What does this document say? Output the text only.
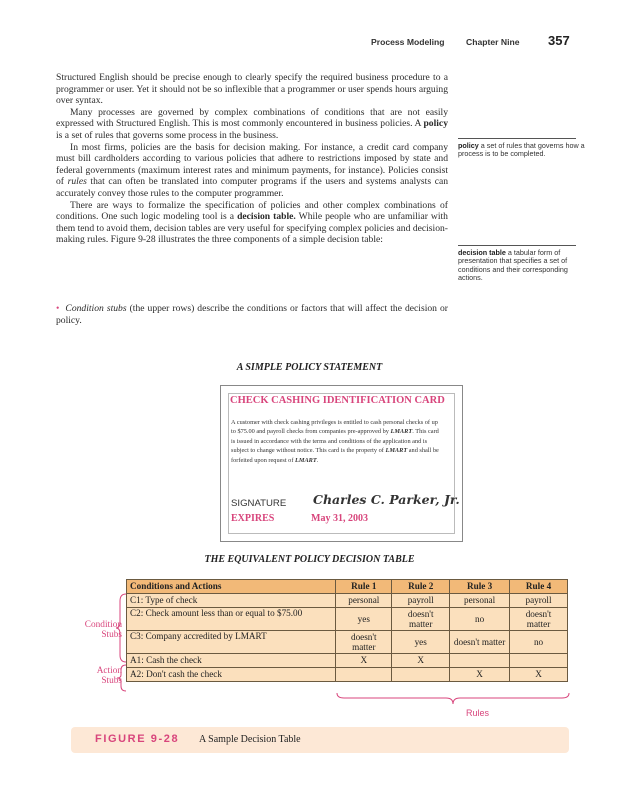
Process Modeling Chapter Nine 357

Structured English should be precise enough to clearly specify the required business procedure to a programmer or user. Yet it should not be so inflexible that a programmer or user spends hours arguing over syntax.

Many processes are governed by complex combinations of conditions that are not easily expressed with Structured English. This is most commonly encountered in business policies. A policy is a set of rules that governs some process in the business.

In most firms, policies are the basis for decision making. For instance, a credit card company must bill cardholders according to various policies that adhere to restrictions imposed by state and federal governments (maximum interest rates and minimum payments, for instance). Policies consist of rules that can often be translated into computer programs if the users and systems analysts can accurately convey those rules to the computer programmer.

There are ways to formalize the specification of policies and other complex combinations of conditions. One such logic modeling tool is a decision table. While people who are unfamiliar with them tend to avoid them, decision tables are very useful for specifying complex policies and decision-making rules. Figure 9-28 illustrates the three components of a simple decision table:

•  Condition stubs (the upper rows) describe the conditions or factors that will affect the decision or policy.
policy a set of rules that governs how a process is to be completed.
decision table a tabular form of presentation that specifies a set of conditions and their corresponding actions.
A SIMPLE POLICY STATEMENT
CHECK CASHING IDENTIFICATION CARD
A customer with check cashing privileges is entitled to cash personal checks of up to $75.00 and payroll checks from companies pre-approved by LMART. This card is issued in accordance with the terms and conditions of the application and is subject to change without notice. This card is the property of LMART and shall be forfeited upon request of LMART.
SIGNATURE Charles C. Parker, Jr.
EXPIRES	May 31, 2003
THE EQUIVALENT POLICY DECISION TABLE
Conditions and Actions	Rule 1	Rule 2	Rule 3	Rule 4
C1: Type of check	personal	payroll	personal	payroll
C2: Check amount less than or equal to $75.00	yes	doesn't matter	no	doesn't matter
C3: Company accredited by LMART	doesn't matter	yes	doesn't matter	no
A1: Cash the check	X	X		
A2: Don't cash the check			X	X
Condition
Stubs
Action
Stubs
Rules
FIGURE 9-28 A Sample Decision Table
